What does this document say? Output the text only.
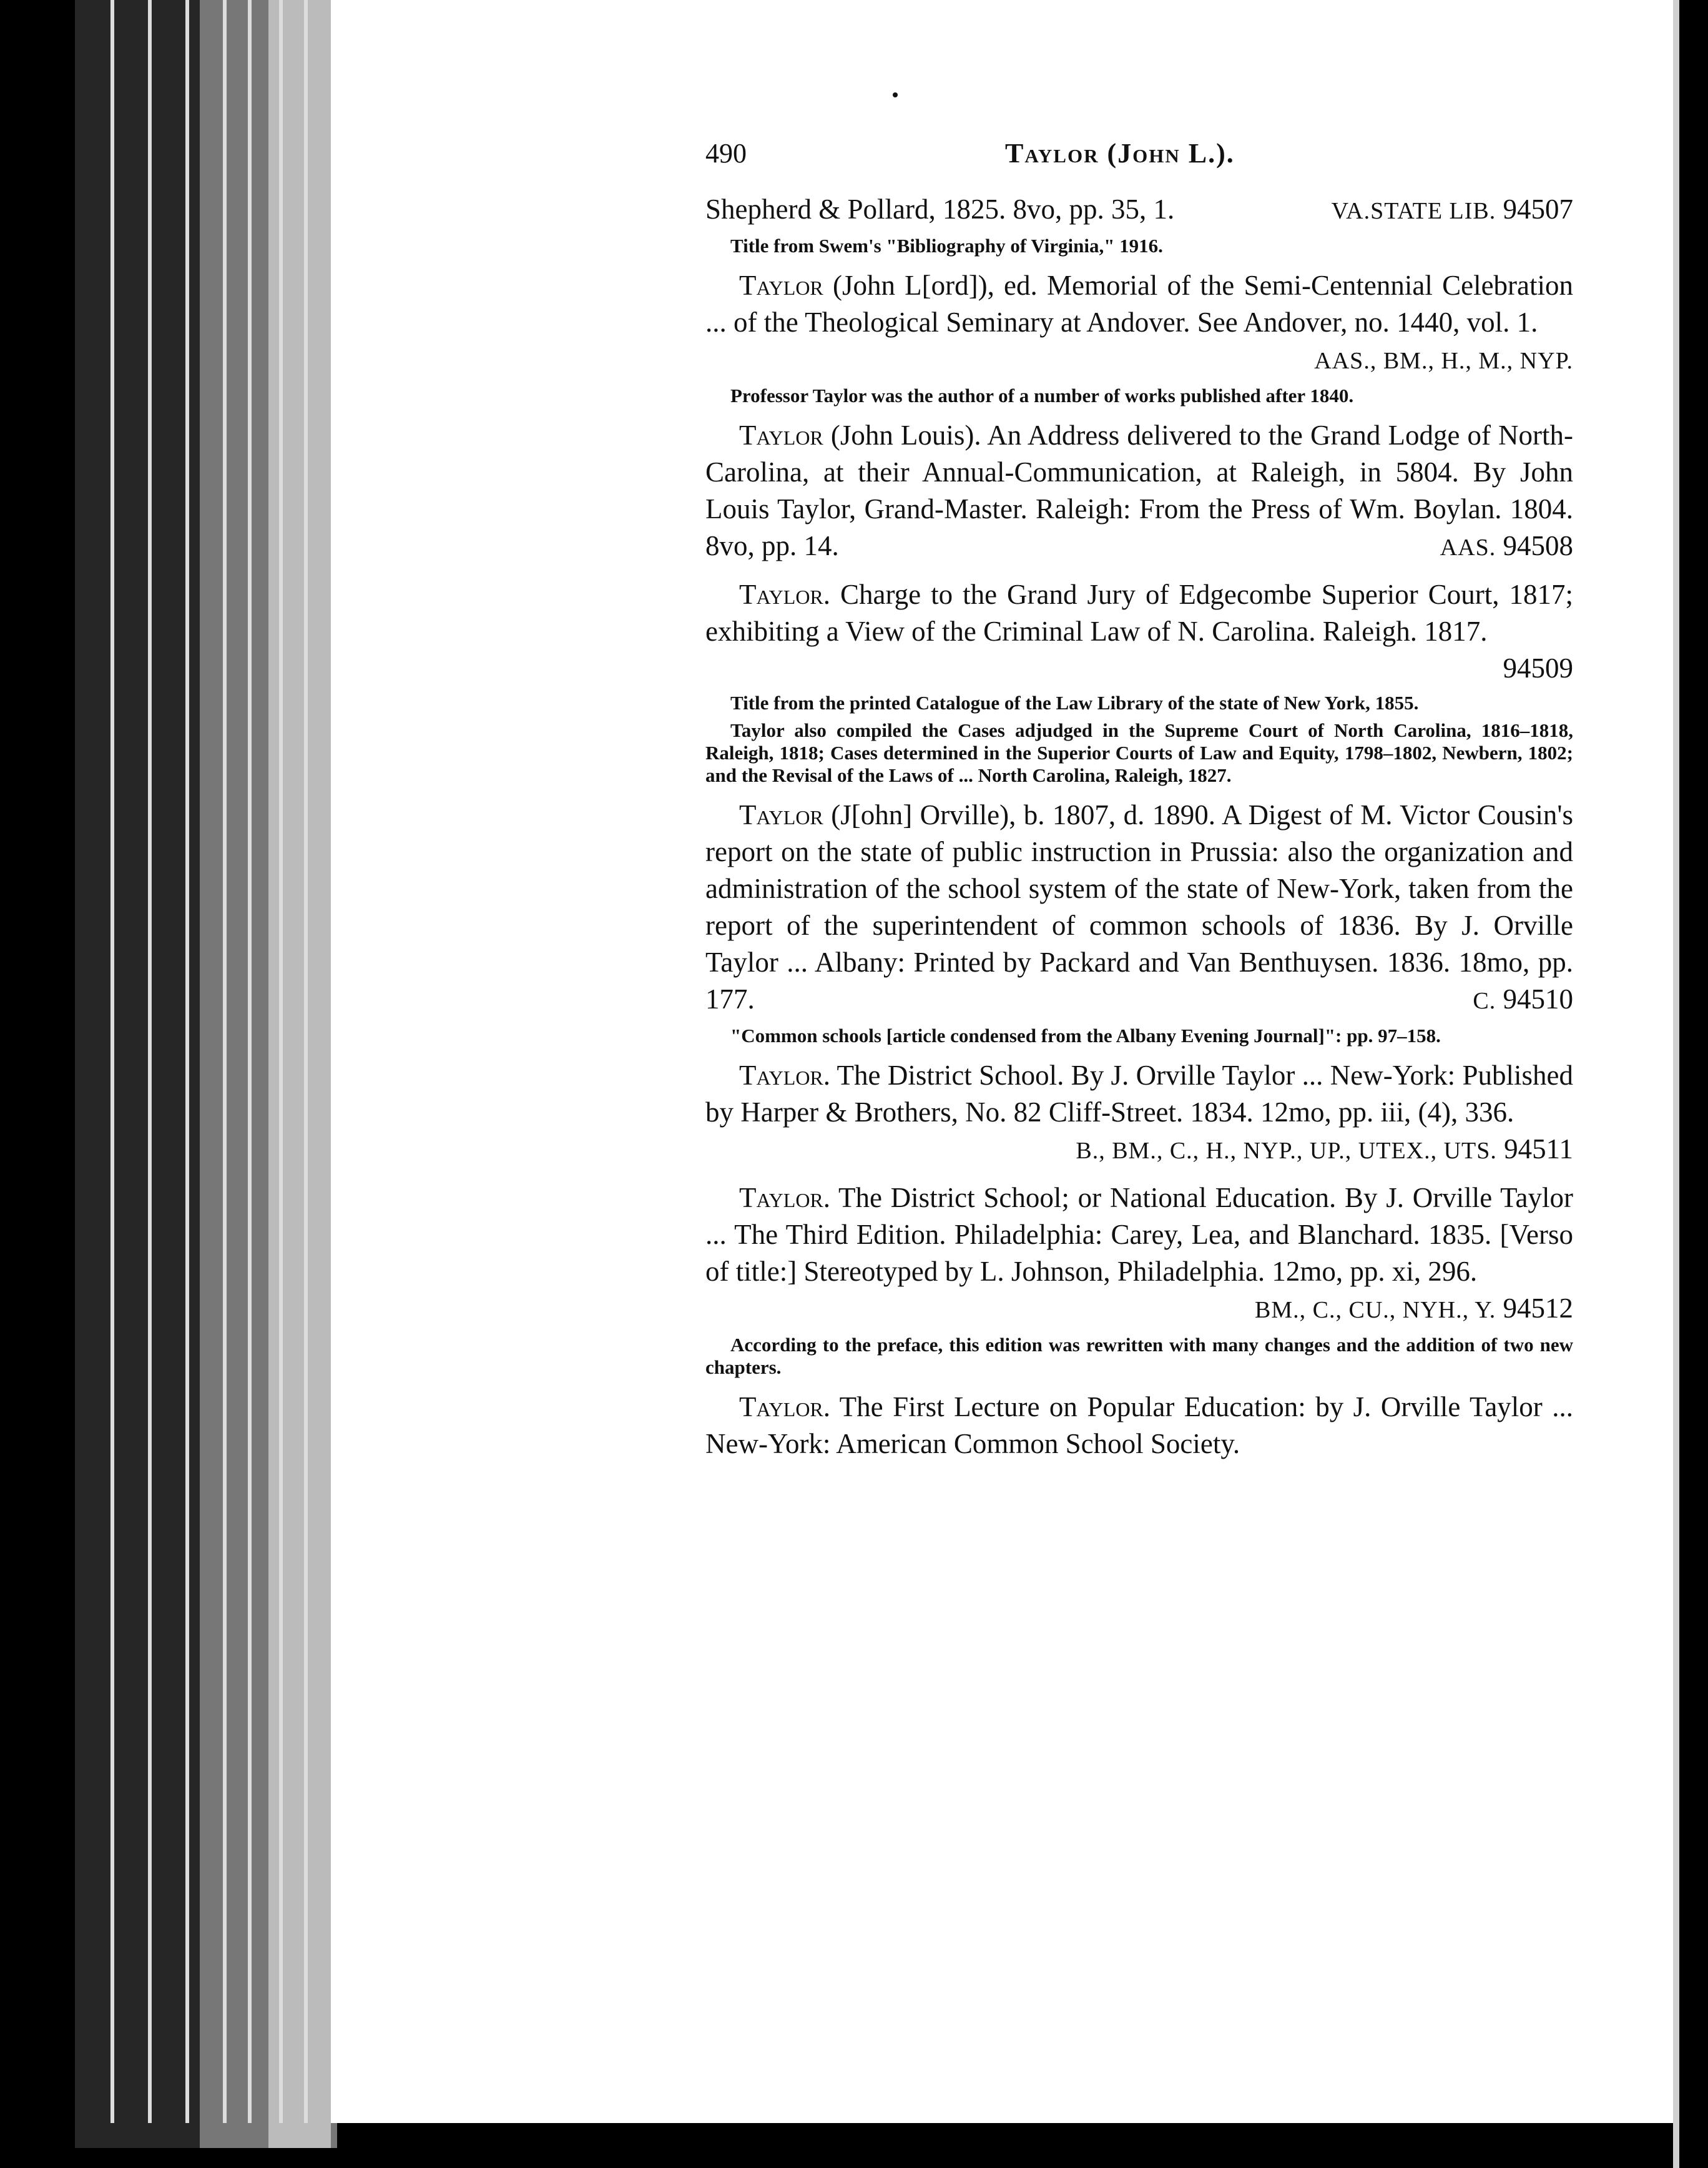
490	Taylor (John L.).
Shepherd & Pollard, 1825. 8vo, pp. 35, 1.	VA.STATE LIB. 94507
Title from Swem's "Bibliography of Virginia," 1916.
Taylor (John L[ord]), ed. Memorial of the Semi-Centennial Celebration ... of the Theological Seminary at Andover. See Andover, no. 1440, vol. 1.
AAS., BM., H., M., NYP.
Professor Taylor was the author of a number of works published after 1840.
Taylor (John Louis). An Address delivered to the Grand Lodge of North-Carolina, at their Annual-Communication, at Raleigh, in 5804. By John Louis Taylor, Grand-Master. Raleigh: From the Press of Wm. Boylan. 1804. 8vo, pp. 14.	AAS. 94508
Taylor. Charge to the Grand Jury of Edgecombe Superior Court, 1817; exhibiting a View of the Criminal Law of N. Carolina. Raleigh. 1817.
94509
Title from the printed Catalogue of the Law Library of the state of New York, 1855.
Taylor also compiled the Cases adjudged in the Supreme Court of North Carolina, 1816–1818, Raleigh, 1818; Cases determined in the Superior Courts of Law and Equity, 1798–1802, Newbern, 1802; and the Revisal of the Laws of ... North Carolina, Raleigh, 1827.
Taylor (J[ohn] Orville), b. 1807, d. 1890. A Digest of M. Victor Cousin's report on the state of public instruction in Prussia: also the organization and administration of the school system of the state of New-York, taken from the report of the superintendent of common schools of 1836. By J. Orville Taylor ... Albany: Printed by Packard and Van Benthuysen. 1836. 18mo, pp. 177.	C. 94510
"Common schools [article condensed from the Albany Evening Journal]": pp. 97–158.
Taylor. The District School. By J. Orville Taylor ... New-York: Published by Harper & Brothers, No. 82 Cliff-Street. 1834. 12mo, pp. iii, (4), 336.
B., BM., C., H., NYP., UP., UTEX., UTS. 94511
Taylor. The District School; or National Education. By J. Orville Taylor ... The Third Edition. Philadelphia: Carey, Lea, and Blanchard. 1835. [Verso of title:] Stereotyped by L. Johnson, Philadelphia. 12mo, pp. xi, 296.
BM., C., CU., NYH., Y. 94512
According to the preface, this edition was rewritten with many changes and the addition of two new chapters.
Taylor. The First Lecture on Popular Education: by J. Orville Taylor ... New-York: American Common School Society.
